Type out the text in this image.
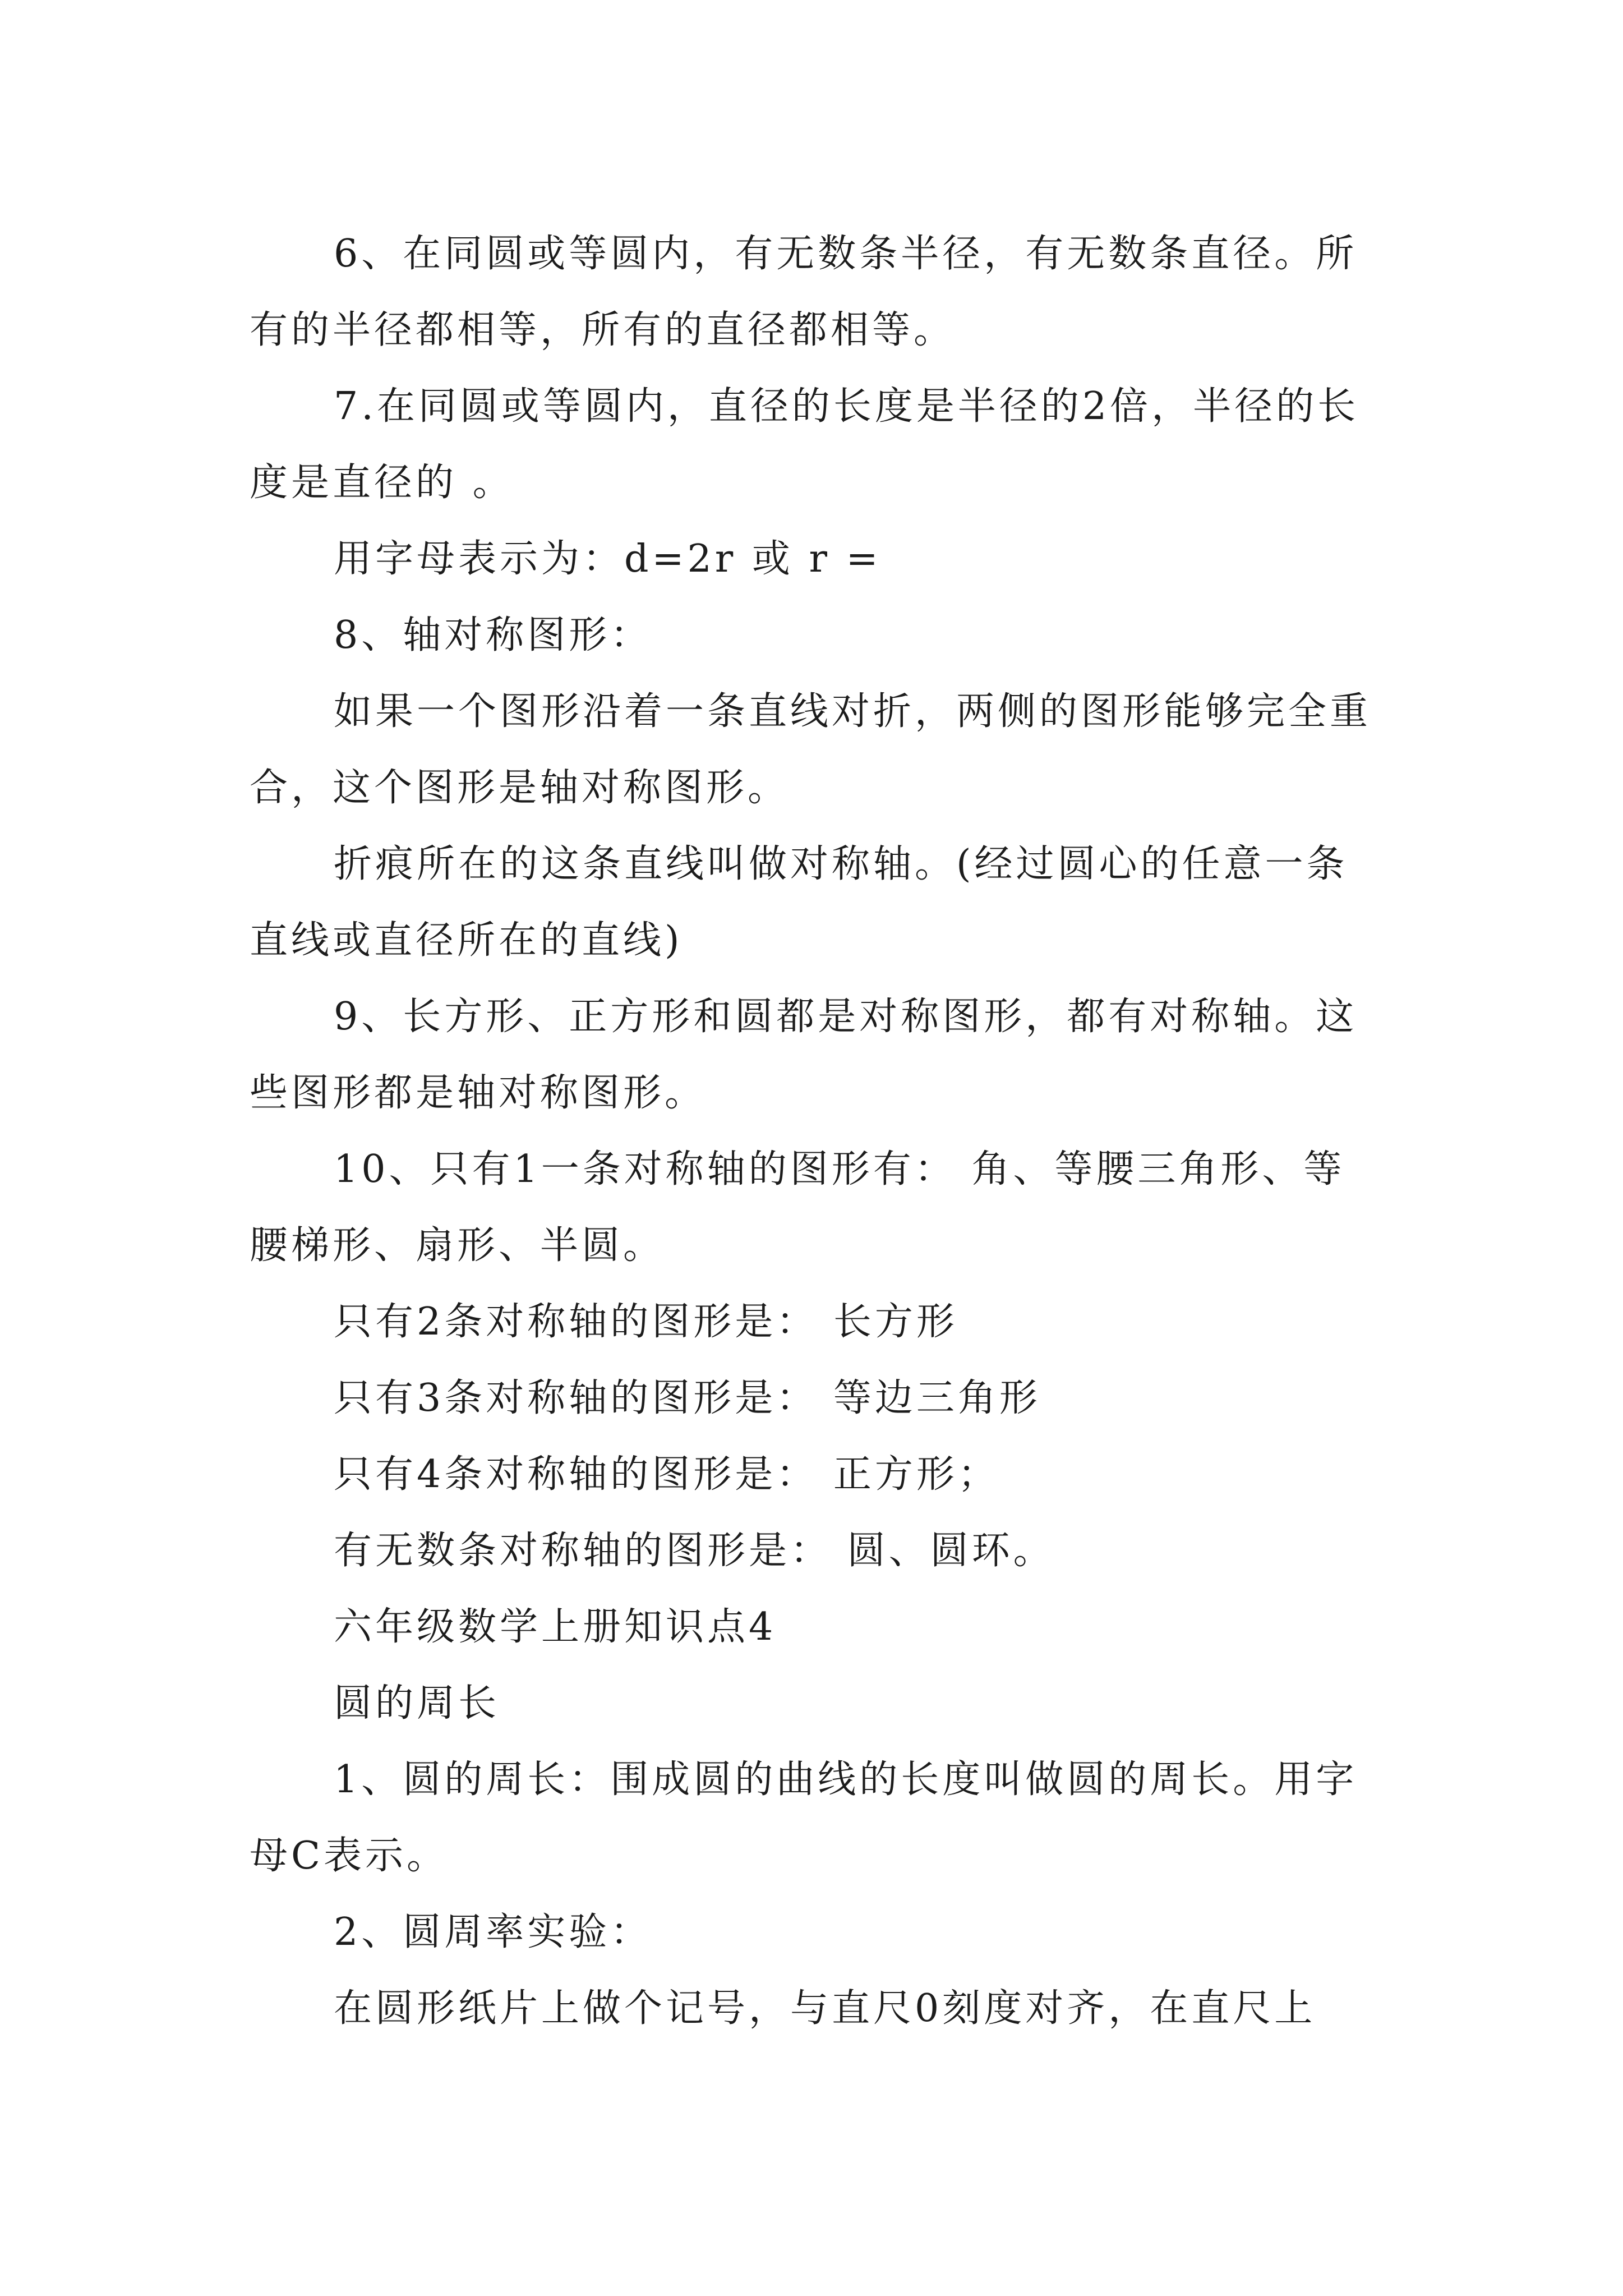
6、在同圆或等圆内，有无数条半径，有无数条直径。所有的半径都相等，所有的直径都相等。

7.在同圆或等圆内，直径的长度是半径的2倍，半径的长度是直径的 。

用字母表示为：d=2r 或 r =

8、轴对称图形：

如果一个图形沿着一条直线对折，两侧的图形能够完全重合，这个图形是轴对称图形。

折痕所在的这条直线叫做对称轴。(经过圆心的任意一条直线或直径所在的直线)

9、长方形、正方形和圆都是对称图形，都有对称轴。这些图形都是轴对称图形。

10、只有1一条对称轴的图形有： 角、等腰三角形、等腰梯形、扇形、半圆。

只有2条对称轴的图形是： 长方形

只有3条对称轴的图形是： 等边三角形

只有4条对称轴的图形是： 正方形；

有无数条对称轴的图形是： 圆、圆环。

六年级数学上册知识点4

圆的周长

1、圆的周长：围成圆的曲线的长度叫做圆的周长。用字母C表示。

2、圆周率实验：

在圆形纸片上做个记号，与直尺0刻度对齐，在直尺上
